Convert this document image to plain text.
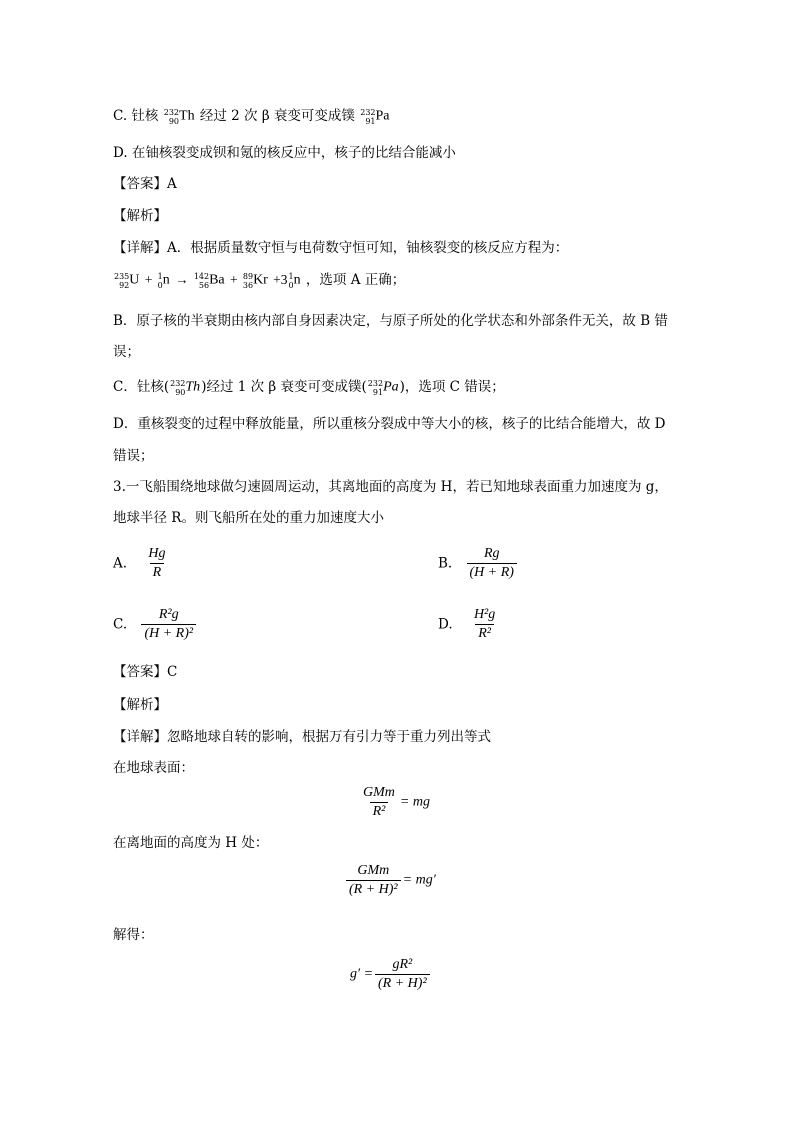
C. 钍核 232
90Th 经过 2 次 β 衰变可变成镤 232
91Pa
D. 在铀核裂变成钡和氪的核反应中，核子的比结合能减小
【答案】A
【解析】
【详解】A．根据质量数守恒与电荷数守恒可知，铀核裂变的核反应方程为：
235
92U + 1
0n → 142
56Ba + 89
36Kr +31
0n ，选项 A 正确；
B．原子核的半衰期由核内部自身因素决定，与原子所处的化学状态和外部条件无关，故 B 错
误；
C．钍核(232
90Th)经过 1 次 β 衰变可变成镤(232
91Pa)，选项 C 错误；
D．重核裂变的过程中释放能量，所以重核分裂成中等大小的核，核子的比结合能增大，故 D
错误；
3.一飞船围绕地球做匀速圆周运动，其离地面的高度为 H，若已知地球表面重力加速度为 g，
地球半径 R。则飞船所在处的重力加速度大小
A. $\frac{Hg}{R}$	B. $\frac{Rg}{(H + R)}$
C. $\frac{\text{R²g}}{\text{(H + R)²}}$	D. $\frac{\text{H²g}}{\text{R²}}$
【答案】C
【解析】
【详解】忽略地球自转的影响，根据万有引力等于重力列出等式
在地球表面：
$\frac{\text{GMm}}{\text{R²}}$ = mg
在离地面的高度为 H 处：
$\frac{\text{GMm}}{\text{(R + H)²}} = mg'$
解得：
$g' = \frac{\text{gR²}}{\text{(R + H)²}}$
